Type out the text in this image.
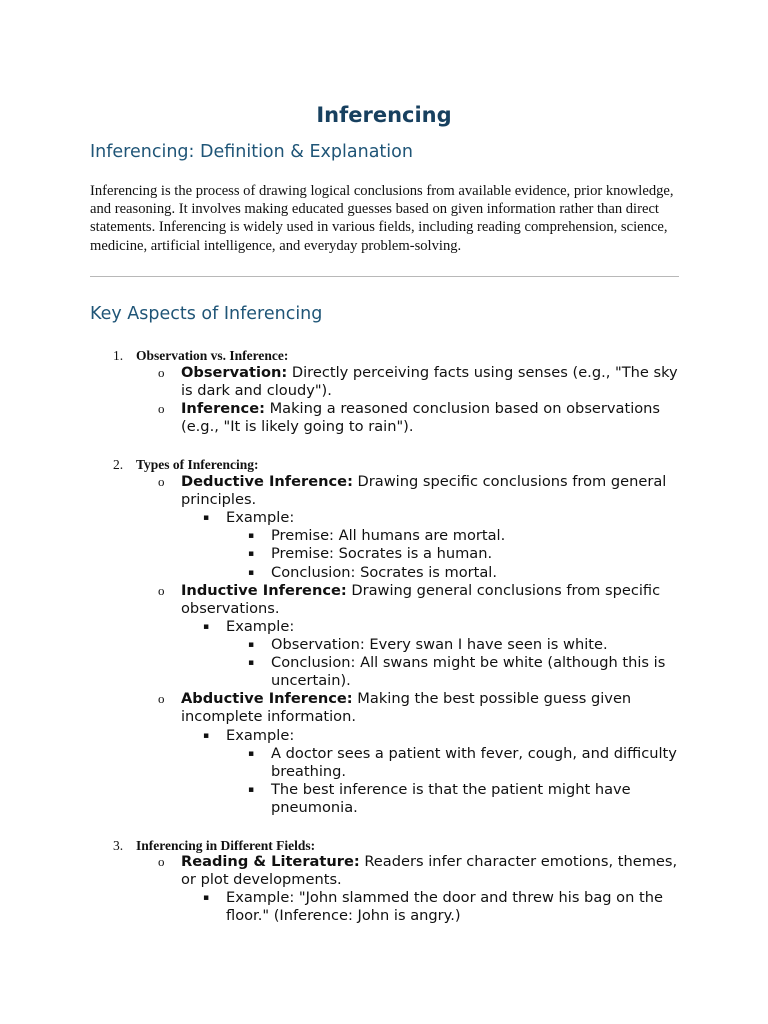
Inferencing
Inferencing: Definition & Explanation
Inferencing is the process of drawing logical conclusions from available evidence, prior knowledge, and reasoning. It involves making educated guesses based on given information rather than direct statements. Inferencing is widely used in various fields, including reading comprehension, science, medicine, artificial intelligence, and everyday problem-solving.
Key Aspects of Inferencing
1. Observation vs. Inference:
o Observation: Directly perceiving facts using senses (e.g., "The sky is dark and cloudy").
o Inference: Making a reasoned conclusion based on observations (e.g., "It is likely going to rain").
2. Types of Inferencing:
o Deductive Inference: Drawing specific conclusions from general principles.
▪ Example:
▪ Premise: All humans are mortal.
▪ Premise: Socrates is a human.
▪ Conclusion: Socrates is mortal.
o Inductive Inference: Drawing general conclusions from specific observations.
▪ Example:
▪ Observation: Every swan I have seen is white.
▪ Conclusion: All swans might be white (although this is uncertain).
o Abductive Inference: Making the best possible guess given incomplete information.
▪ Example:
▪ A doctor sees a patient with fever, cough, and difficulty breathing.
▪ The best inference is that the patient might have pneumonia.
3. Inferencing in Different Fields:
o Reading & Literature: Readers infer character emotions, themes, or plot developments.
▪ Example: "John slammed the door and threw his bag on the floor." (Inference: John is angry.)
